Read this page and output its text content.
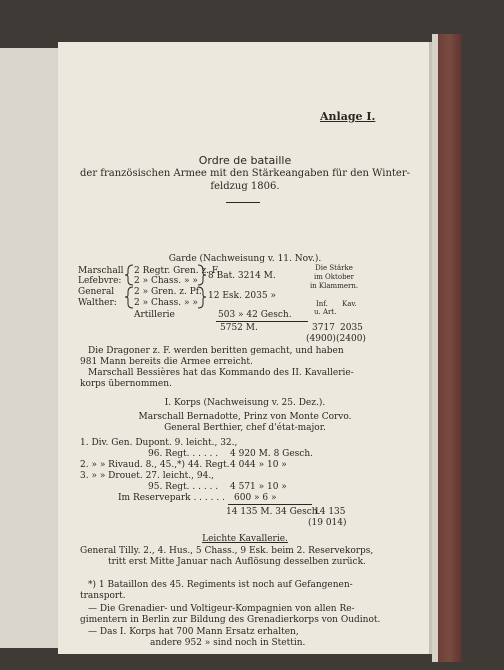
Anlage I.
Ordre de bataille
der französischen Armee mit den Stärkeangaben für den Winter-
feldzug 1806.
Garde (Nachweisung v. 11. Nov.).
Marschall
Lefebvre:
General
Walther:
2 Regtr. Gren. z. F.
2 » Chass. » »
2 » Gren. z. Pf.
2 » Chass. » »
8 Bat. 3214 M.
12 Esk. 2035 »
Die Stärke
im Oktober
in Klammern.
Inf. Kav.
u. Art.
Artillerie	503 » 42 Gesch.
5752 M.	3717 2035
(4900) (2400)
Die Dragoner z. F. werden beritten gemacht, und haben
981 Mann bereits die Armee erreicht.
Marschall Bessières hat das Kommando des II. Kavallerie-
korps übernommen.
I. Korps (Nachweisung v. 25. Dez.).
Marschall Bernadotte, Prinz von Monte Corvo.
General Berthier, chef d'état-major.
1. Div. Gen. Dupont. 9. leicht., 32.,
96. Regt. . . . . . 4 920 M. 8 Gesch.
2. » » Rivaud. 8., 45.,*) 44. Regt. 4 044 » 10 »
3. » » Drouet. 27. leicht., 94.,
95. Regt. . . . . . 4 571 » 10 »
Im Reservepark . . . . . . 600 » 6 »
14 135 M. 34 Gesch.
14 135
(19 014)
Leichte Kavallerie.
General Tilly. 2., 4. Hus., 5 Chass., 9 Esk. beim 2. Reservekorps,
tritt erst Mitte Januar nach Auflösung desselben zurück.
*) 1 Bataillon des 45. Regiments ist noch auf Gefangenen-
transport.
— Die Grenadier- und Voltigeur-Kompagnien von allen Re-
gimentern in Berlin zur Bildung des Grenadierkorps von Oudinot.
— Das I. Korps hat 700 Mann Ersatz erhalten,
andere 952 » sind noch in Stettin.
